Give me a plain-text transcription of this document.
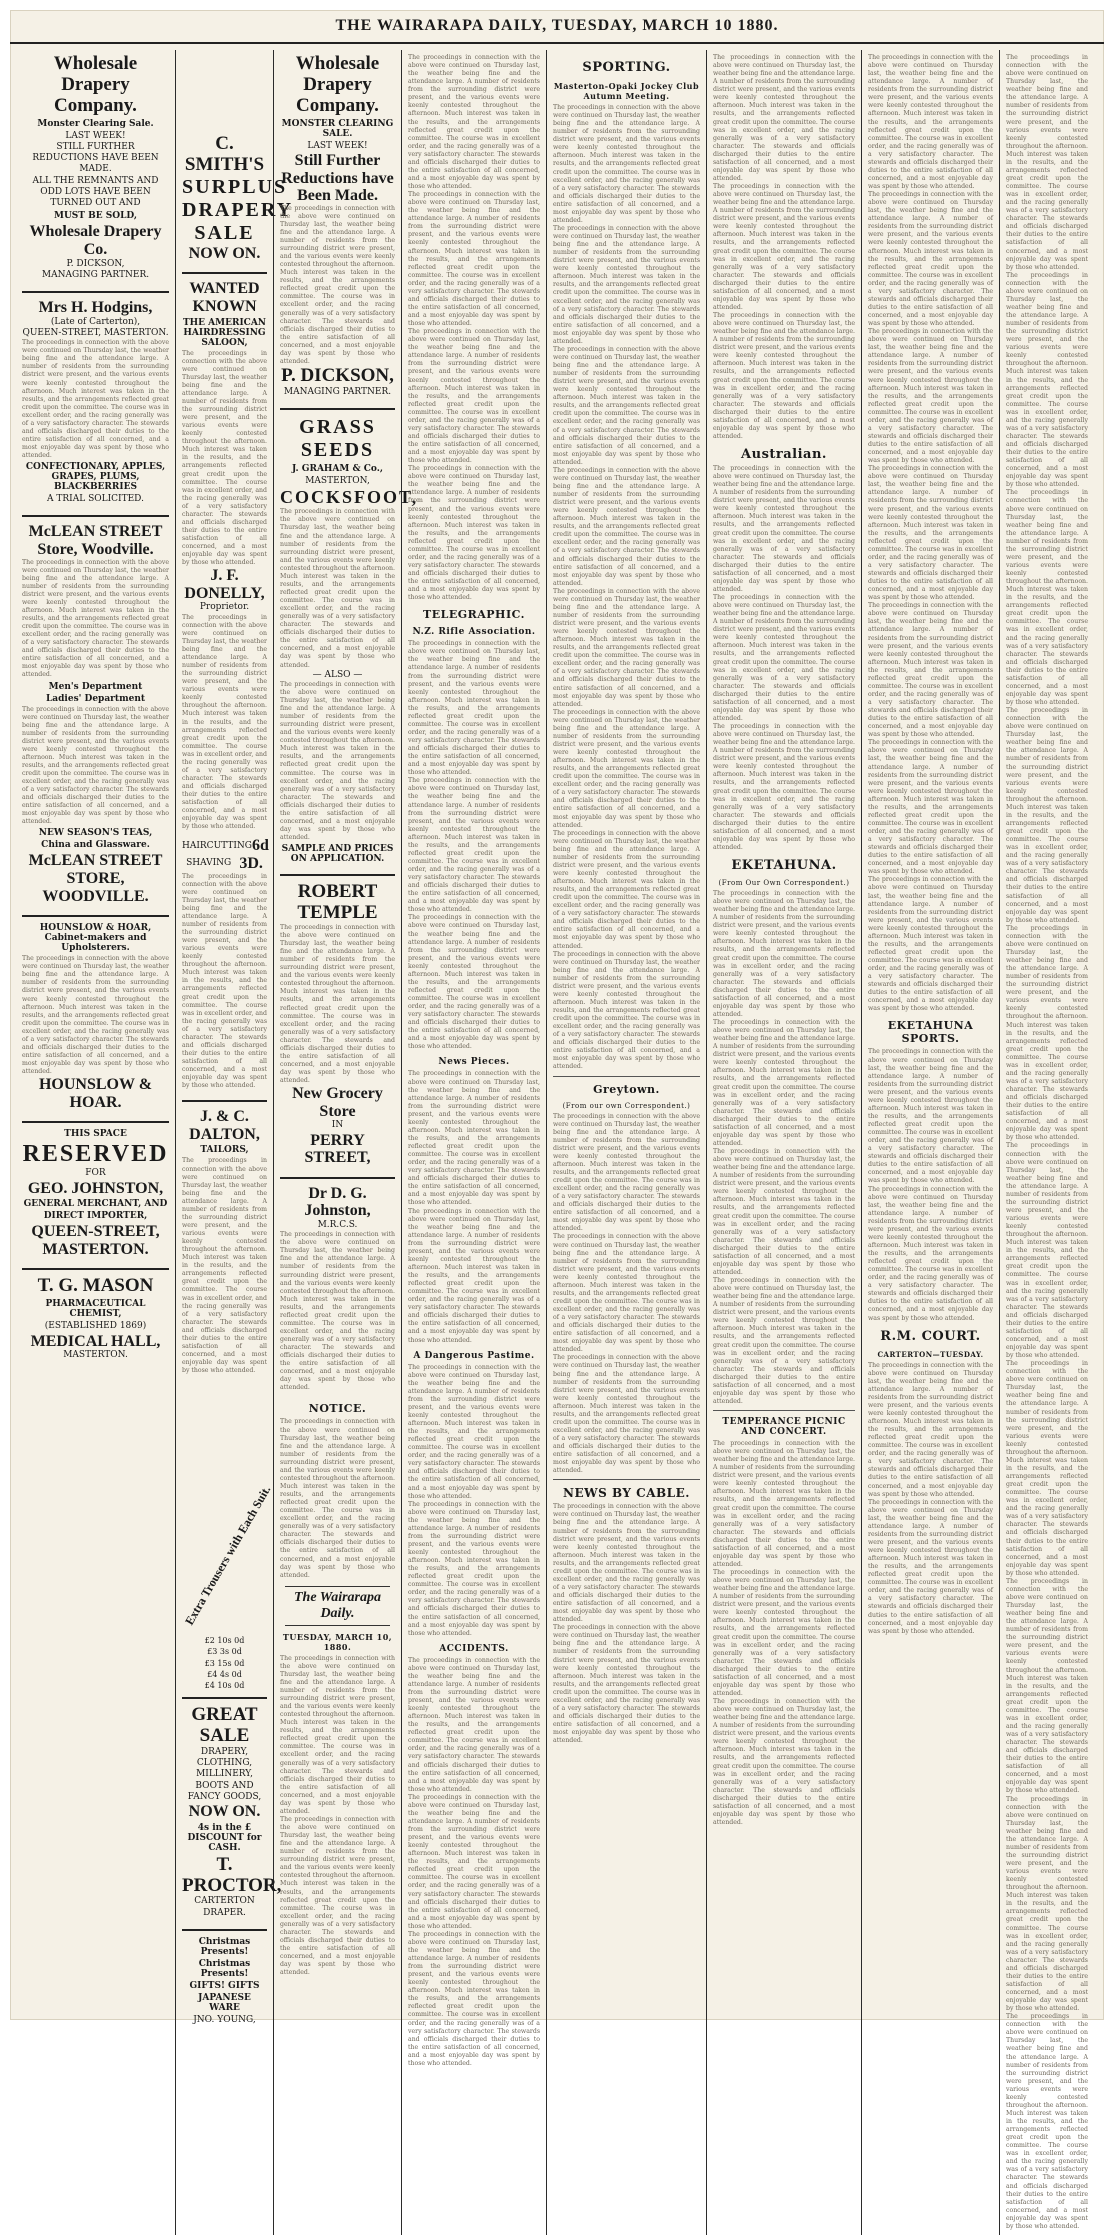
THE WAIRARAPA DAILY, TUESDAY, MARCH 10 1880.
Wholesale Drapery Company.
Monster Clearing Sale.
LAST WEEK!
STILL FURTHER REDUCTIONS HAVE BEEN MADE.
ALL THE REMNANTS AND ODD LOTS HAVE BEEN TURNED OUT AND
MUST BE SOLD,
Wholesale Drapery Co.
P. DICKSON,
MANAGING PARTNER.
Mrs H. Hodgins,
(Late of Carterton),
QUEEN-STREET, MASTERTON.
The proceedings in connection with the above were continued on Thursday last, the weather being fine and the attendance large. A number of residents from the surrounding district were present, and the various events were keenly contested throughout the afternoon. Much interest was taken in the results, and the arrangements reflected great credit upon the committee. The course was in excellent order, and the racing generally was of a very satisfactory character. The stewards and officials discharged their duties to the entire satisfaction of all concerned, and a most enjoyable day was spent by those who attended.
CONFECTIONARY, APPLES, GRAPES, PLUMS, BLACKBERRIES
A TRIAL SOLICITED.
McLEAN STREET Store, Woodville.
The proceedings in connection with the above were continued on Thursday last, the weather being fine and the attendance large. A number of residents from the surrounding district were present, and the various events were keenly contested throughout the afternoon. Much interest was taken in the results, and the arrangements reflected great credit upon the committee. The course was in excellent order, and the racing generally was of a very satisfactory character. The stewards and officials discharged their duties to the entire satisfaction of all concerned, and a most enjoyable day was spent by those who attended.
Men's Department
Ladies' Department
The proceedings in connection with the above were continued on Thursday last, the weather being fine and the attendance large. A number of residents from the surrounding district were present, and the various events were keenly contested throughout the afternoon. Much interest was taken in the results, and the arrangements reflected great credit upon the committee. The course was in excellent order, and the racing generally was of a very satisfactory character. The stewards and officials discharged their duties to the entire satisfaction of all concerned, and a most enjoyable day was spent by those who attended.
NEW SEASON'S TEAS,
China and Glassware.
McLEAN STREET STORE,
WOODVILLE.
HOUNSLOW & HOAR, Cabinet-makers and Upholsterers.
The proceedings in connection with the above were continued on Thursday last, the weather being fine and the attendance large. A number of residents from the surrounding district were present, and the various events were keenly contested throughout the afternoon. Much interest was taken in the results, and the arrangements reflected great credit upon the committee. The course was in excellent order, and the racing generally was of a very satisfactory character. The stewards and officials discharged their duties to the entire satisfaction of all concerned, and a most enjoyable day was spent by those who attended.
HOUNSLOW & HOAR.
THIS SPACE
RESERVED
FOR
GEO. JOHNSTON,
GENERAL MERCHANT, AND
DIRECT IMPORTER,
QUEEN-STREET,
MASTERTON.
T. G. MASON
PHARMACEUTICAL CHEMIST,
(ESTABLISHED 1869)
MEDICAL HALL,
MASTERTON.
C. SMITH'S
SURPLUS
DRAPERY
SALE
NOW ON.
WANTED KNOWN
THE AMERICAN HAIRDRESSING SALOON,
The proceedings in connection with the above were continued on Thursday last, the weather being fine and the attendance large. A number of residents from the surrounding district were present, and the various events were keenly contested throughout the afternoon. Much interest was taken in the results, and the arrangements reflected great credit upon the committee. The course was in excellent order, and the racing generally was of a very satisfactory character. The stewards and officials discharged their duties to the entire satisfaction of all concerned, and a most enjoyable day was spent by those who attended.
J. F. DONELLY,
Proprietor.
The proceedings in connection with the above were continued on Thursday last, the weather being fine and the attendance large. A number of residents from the surrounding district were present, and the various events were keenly contested throughout the afternoon. Much interest was taken in the results, and the arrangements reflected great credit upon the committee. The course was in excellent order, and the racing generally was of a very satisfactory character. The stewards and officials discharged their duties to the entire satisfaction of all concerned, and a most enjoyable day was spent by those who attended.
HAIRCUTTING 6d
SHAVING 3D.
The proceedings in connection with the above were continued on Thursday last, the weather being fine and the attendance large. A number of residents from the surrounding district were present, and the various events were keenly contested throughout the afternoon. Much interest was taken in the results, and the arrangements reflected great credit upon the committee. The course was in excellent order, and the racing generally was of a very satisfactory character. The stewards and officials discharged their duties to the entire satisfaction of all concerned, and a most enjoyable day was spent by those who attended.
J. & C. DALTON,
TAILORS,
The proceedings in connection with the above were continued on Thursday last, the weather being fine and the attendance large. A number of residents from the surrounding district were present, and the various events were keenly contested throughout the afternoon. Much interest was taken in the results, and the arrangements reflected great credit upon the committee. The course was in excellent order, and the racing generally was of a very satisfactory character. The stewards and officials discharged their duties to the entire satisfaction of all concerned, and a most enjoyable day was spent by those who attended.
Extra Trousers with Each Suit.
£2 10s 0d
£3 3s 0d
£3 15s 0d
£4 4s 0d
£4 10s 0d
GREAT SALE
DRAPERY, CLOTHING,
MILLINERY,
BOOTS AND FANCY GOODS,
NOW ON.
4s in the £ DISCOUNT for CASH.
T. PROCTOR,
CARTERTON
DRAPER.
Christmas Presents!
Christmas Presents!
GIFTS! GIFTS
JAPANESE WARE
JNO. YOUNG,
Wholesale Drapery Company.
MONSTER CLEARING SALE.
LAST WEEK!
Still Further Reductions have Been Made.
The proceedings in connection with the above were continued on Thursday last, the weather being fine and the attendance large. A number of residents from the surrounding district were present, and the various events were keenly contested throughout the afternoon. Much interest was taken in the results, and the arrangements reflected great credit upon the committee. The course was in excellent order, and the racing generally was of a very satisfactory character. The stewards and officials discharged their duties to the entire satisfaction of all concerned, and a most enjoyable day was spent by those who attended.
P. DICKSON,
MANAGING PARTNER.
GRASS SEEDS
J. GRAHAM & Co.,
MASTERTON,
COCKSFOOT,
The proceedings in connection with the above were continued on Thursday last, the weather being fine and the attendance large. A number of residents from the surrounding district were present, and the various events were keenly contested throughout the afternoon. Much interest was taken in the results, and the arrangements reflected great credit upon the committee. The course was in excellent order, and the racing generally was of a very satisfactory character. The stewards and officials discharged their duties to the entire satisfaction of all concerned, and a most enjoyable day was spent by those who attended.
— ALSO —
The proceedings in connection with the above were continued on Thursday last, the weather being fine and the attendance large. A number of residents from the surrounding district were present, and the various events were keenly contested throughout the afternoon. Much interest was taken in the results, and the arrangements reflected great credit upon the committee. The course was in excellent order, and the racing generally was of a very satisfactory character. The stewards and officials discharged their duties to the entire satisfaction of all concerned, and a most enjoyable day was spent by those who attended.
SAMPLE AND PRICES ON APPLICATION.
ROBERT TEMPLE
The proceedings in connection with the above were continued on Thursday last, the weather being fine and the attendance large. A number of residents from the surrounding district were present, and the various events were keenly contested throughout the afternoon. Much interest was taken in the results, and the arrangements reflected great credit upon the committee. The course was in excellent order, and the racing generally was of a very satisfactory character. The stewards and officials discharged their duties to the entire satisfaction of all concerned, and a most enjoyable day was spent by those who attended.
New Grocery Store
IN
PERRY STREET,
Dr D. G. Johnston,
M.R.C.S.
The proceedings in connection with the above were continued on Thursday last, the weather being fine and the attendance large. A number of residents from the surrounding district were present, and the various events were keenly contested throughout the afternoon. Much interest was taken in the results, and the arrangements reflected great credit upon the committee. The course was in excellent order, and the racing generally was of a very satisfactory character. The stewards and officials discharged their duties to the entire satisfaction of all concerned, and a most enjoyable day was spent by those who attended.
NOTICE.
The proceedings in connection with the above were continued on Thursday last, the weather being fine and the attendance large. A number of residents from the surrounding district were present, and the various events were keenly contested throughout the afternoon. Much interest was taken in the results, and the arrangements reflected great credit upon the committee. The course was in excellent order, and the racing generally was of a very satisfactory character. The stewards and officials discharged their duties to the entire satisfaction of all concerned, and a most enjoyable day was spent by those who attended.
The Wairarapa Daily.
TUESDAY, MARCH 10, 1880.
The proceedings in connection with the above were continued on Thursday last, the weather being fine and the attendance large. A number of residents from the surrounding district were present, and the various events were keenly contested throughout the afternoon. Much interest was taken in the results, and the arrangements reflected great credit upon the committee. The course was in excellent order, and the racing generally was of a very satisfactory character. The stewards and officials discharged their duties to the entire satisfaction of all concerned, and a most enjoyable day was spent by those who attended.
The proceedings in connection with the above were continued on Thursday last, the weather being fine and the attendance large. A number of residents from the surrounding district were present, and the various events were keenly contested throughout the afternoon. Much interest was taken in the results, and the arrangements reflected great credit upon the committee. The course was in excellent order, and the racing generally was of a very satisfactory character. The stewards and officials discharged their duties to the entire satisfaction of all concerned, and a most enjoyable day was spent by those who attended.
The proceedings in connection with the above were continued on Thursday last, the weather being fine and the attendance large. A number of residents from the surrounding district were present, and the various events were keenly contested throughout the afternoon. Much interest was taken in the results, and the arrangements reflected great credit upon the committee. The course was in excellent order, and the racing generally was of a very satisfactory character. The stewards and officials discharged their duties to the entire satisfaction of all concerned, and a most enjoyable day was spent by those who attended.
The proceedings in connection with the above were continued on Thursday last, the weather being fine and the attendance large. A number of residents from the surrounding district were present, and the various events were keenly contested throughout the afternoon. Much interest was taken in the results, and the arrangements reflected great credit upon the committee. The course was in excellent order, and the racing generally was of a very satisfactory character. The stewards and officials discharged their duties to the entire satisfaction of all concerned, and a most enjoyable day was spent by those who attended.
The proceedings in connection with the above were continued on Thursday last, the weather being fine and the attendance large. A number of residents from the surrounding district were present, and the various events were keenly contested throughout the afternoon. Much interest was taken in the results, and the arrangements reflected great credit upon the committee. The course was in excellent order, and the racing generally was of a very satisfactory character. The stewards and officials discharged their duties to the entire satisfaction of all concerned, and a most enjoyable day was spent by those who attended.
The proceedings in connection with the above were continued on Thursday last, the weather being fine and the attendance large. A number of residents from the surrounding district were present, and the various events were keenly contested throughout the afternoon. Much interest was taken in the results, and the arrangements reflected great credit upon the committee. The course was in excellent order, and the racing generally was of a very satisfactory character. The stewards and officials discharged their duties to the entire satisfaction of all concerned, and a most enjoyable day was spent by those who attended.
TELEGRAPHIC.
N.Z. Rifle Association.
The proceedings in connection with the above were continued on Thursday last, the weather being fine and the attendance large. A number of residents from the surrounding district were present, and the various events were keenly contested throughout the afternoon. Much interest was taken in the results, and the arrangements reflected great credit upon the committee. The course was in excellent order, and the racing generally was of a very satisfactory character. The stewards and officials discharged their duties to the entire satisfaction of all concerned, and a most enjoyable day was spent by those who attended.
The proceedings in connection with the above were continued on Thursday last, the weather being fine and the attendance large. A number of residents from the surrounding district were present, and the various events were keenly contested throughout the afternoon. Much interest was taken in the results, and the arrangements reflected great credit upon the committee. The course was in excellent order, and the racing generally was of a very satisfactory character. The stewards and officials discharged their duties to the entire satisfaction of all concerned, and a most enjoyable day was spent by those who attended.
The proceedings in connection with the above were continued on Thursday last, the weather being fine and the attendance large. A number of residents from the surrounding district were present, and the various events were keenly contested throughout the afternoon. Much interest was taken in the results, and the arrangements reflected great credit upon the committee. The course was in excellent order, and the racing generally was of a very satisfactory character. The stewards and officials discharged their duties to the entire satisfaction of all concerned, and a most enjoyable day was spent by those who attended.
News Pieces.
The proceedings in connection with the above were continued on Thursday last, the weather being fine and the attendance large. A number of residents from the surrounding district were present, and the various events were keenly contested throughout the afternoon. Much interest was taken in the results, and the arrangements reflected great credit upon the committee. The course was in excellent order, and the racing generally was of a very satisfactory character. The stewards and officials discharged their duties to the entire satisfaction of all concerned, and a most enjoyable day was spent by those who attended.
The proceedings in connection with the above were continued on Thursday last, the weather being fine and the attendance large. A number of residents from the surrounding district were present, and the various events were keenly contested throughout the afternoon. Much interest was taken in the results, and the arrangements reflected great credit upon the committee. The course was in excellent order, and the racing generally was of a very satisfactory character. The stewards and officials discharged their duties to the entire satisfaction of all concerned, and a most enjoyable day was spent by those who attended.
A Dangerous Pastime.
The proceedings in connection with the above were continued on Thursday last, the weather being fine and the attendance large. A number of residents from the surrounding district were present, and the various events were keenly contested throughout the afternoon. Much interest was taken in the results, and the arrangements reflected great credit upon the committee. The course was in excellent order, and the racing generally was of a very satisfactory character. The stewards and officials discharged their duties to the entire satisfaction of all concerned, and a most enjoyable day was spent by those who attended.
The proceedings in connection with the above were continued on Thursday last, the weather being fine and the attendance large. A number of residents from the surrounding district were present, and the various events were keenly contested throughout the afternoon. Much interest was taken in the results, and the arrangements reflected great credit upon the committee. The course was in excellent order, and the racing generally was of a very satisfactory character. The stewards and officials discharged their duties to the entire satisfaction of all concerned, and a most enjoyable day was spent by those who attended.
ACCIDENTS.
The proceedings in connection with the above were continued on Thursday last, the weather being fine and the attendance large. A number of residents from the surrounding district were present, and the various events were keenly contested throughout the afternoon. Much interest was taken in the results, and the arrangements reflected great credit upon the committee. The course was in excellent order, and the racing generally was of a very satisfactory character. The stewards and officials discharged their duties to the entire satisfaction of all concerned, and a most enjoyable day was spent by those who attended.
The proceedings in connection with the above were continued on Thursday last, the weather being fine and the attendance large. A number of residents from the surrounding district were present, and the various events were keenly contested throughout the afternoon. Much interest was taken in the results, and the arrangements reflected great credit upon the committee. The course was in excellent order, and the racing generally was of a very satisfactory character. The stewards and officials discharged their duties to the entire satisfaction of all concerned, and a most enjoyable day was spent by those who attended.
The proceedings in connection with the above were continued on Thursday last, the weather being fine and the attendance large. A number of residents from the surrounding district were present, and the various events were keenly contested throughout the afternoon. Much interest was taken in the results, and the arrangements reflected great credit upon the committee. The course was in excellent order, and the racing generally was of a very satisfactory character. The stewards and officials discharged their duties to the entire satisfaction of all concerned, and a most enjoyable day was spent by those who attended.
SPORTING.
Masterton-Opaki Jockey Club Autumn Meeting.
The proceedings in connection with the above were continued on Thursday last, the weather being fine and the attendance large. A number of residents from the surrounding district were present, and the various events were keenly contested throughout the afternoon. Much interest was taken in the results, and the arrangements reflected great credit upon the committee. The course was in excellent order, and the racing generally was of a very satisfactory character. The stewards and officials discharged their duties to the entire satisfaction of all concerned, and a most enjoyable day was spent by those who attended.
The proceedings in connection with the above were continued on Thursday last, the weather being fine and the attendance large. A number of residents from the surrounding district were present, and the various events were keenly contested throughout the afternoon. Much interest was taken in the results, and the arrangements reflected great credit upon the committee. The course was in excellent order, and the racing generally was of a very satisfactory character. The stewards and officials discharged their duties to the entire satisfaction of all concerned, and a most enjoyable day was spent by those who attended.
The proceedings in connection with the above were continued on Thursday last, the weather being fine and the attendance large. A number of residents from the surrounding district were present, and the various events were keenly contested throughout the afternoon. Much interest was taken in the results, and the arrangements reflected great credit upon the committee. The course was in excellent order, and the racing generally was of a very satisfactory character. The stewards and officials discharged their duties to the entire satisfaction of all concerned, and a most enjoyable day was spent by those who attended.
The proceedings in connection with the above were continued on Thursday last, the weather being fine and the attendance large. A number of residents from the surrounding district were present, and the various events were keenly contested throughout the afternoon. Much interest was taken in the results, and the arrangements reflected great credit upon the committee. The course was in excellent order, and the racing generally was of a very satisfactory character. The stewards and officials discharged their duties to the entire satisfaction of all concerned, and a most enjoyable day was spent by those who attended.
The proceedings in connection with the above were continued on Thursday last, the weather being fine and the attendance large. A number of residents from the surrounding district were present, and the various events were keenly contested throughout the afternoon. Much interest was taken in the results, and the arrangements reflected great credit upon the committee. The course was in excellent order, and the racing generally was of a very satisfactory character. The stewards and officials discharged their duties to the entire satisfaction of all concerned, and a most enjoyable day was spent by those who attended.
The proceedings in connection with the above were continued on Thursday last, the weather being fine and the attendance large. A number of residents from the surrounding district were present, and the various events were keenly contested throughout the afternoon. Much interest was taken in the results, and the arrangements reflected great credit upon the committee. The course was in excellent order, and the racing generally was of a very satisfactory character. The stewards and officials discharged their duties to the entire satisfaction of all concerned, and a most enjoyable day was spent by those who attended.
The proceedings in connection with the above were continued on Thursday last, the weather being fine and the attendance large. A number of residents from the surrounding district were present, and the various events were keenly contested throughout the afternoon. Much interest was taken in the results, and the arrangements reflected great credit upon the committee. The course was in excellent order, and the racing generally was of a very satisfactory character. The stewards and officials discharged their duties to the entire satisfaction of all concerned, and a most enjoyable day was spent by those who attended.
The proceedings in connection with the above were continued on Thursday last, the weather being fine and the attendance large. A number of residents from the surrounding district were present, and the various events were keenly contested throughout the afternoon. Much interest was taken in the results, and the arrangements reflected great credit upon the committee. The course was in excellent order, and the racing generally was of a very satisfactory character. The stewards and officials discharged their duties to the entire satisfaction of all concerned, and a most enjoyable day was spent by those who attended.
Greytown.
(From our own Correspondent.)
The proceedings in connection with the above were continued on Thursday last, the weather being fine and the attendance large. A number of residents from the surrounding district were present, and the various events were keenly contested throughout the afternoon. Much interest was taken in the results, and the arrangements reflected great credit upon the committee. The course was in excellent order, and the racing generally was of a very satisfactory character. The stewards and officials discharged their duties to the entire satisfaction of all concerned, and a most enjoyable day was spent by those who attended.
The proceedings in connection with the above were continued on Thursday last, the weather being fine and the attendance large. A number of residents from the surrounding district were present, and the various events were keenly contested throughout the afternoon. Much interest was taken in the results, and the arrangements reflected great credit upon the committee. The course was in excellent order, and the racing generally was of a very satisfactory character. The stewards and officials discharged their duties to the entire satisfaction of all concerned, and a most enjoyable day was spent by those who attended.
The proceedings in connection with the above were continued on Thursday last, the weather being fine and the attendance large. A number of residents from the surrounding district were present, and the various events were keenly contested throughout the afternoon. Much interest was taken in the results, and the arrangements reflected great credit upon the committee. The course was in excellent order, and the racing generally was of a very satisfactory character. The stewards and officials discharged their duties to the entire satisfaction of all concerned, and a most enjoyable day was spent by those who attended.
NEWS BY CABLE.
The proceedings in connection with the above were continued on Thursday last, the weather being fine and the attendance large. A number of residents from the surrounding district were present, and the various events were keenly contested throughout the afternoon. Much interest was taken in the results, and the arrangements reflected great credit upon the committee. The course was in excellent order, and the racing generally was of a very satisfactory character. The stewards and officials discharged their duties to the entire satisfaction of all concerned, and a most enjoyable day was spent by those who attended.
The proceedings in connection with the above were continued on Thursday last, the weather being fine and the attendance large. A number of residents from the surrounding district were present, and the various events were keenly contested throughout the afternoon. Much interest was taken in the results, and the arrangements reflected great credit upon the committee. The course was in excellent order, and the racing generally was of a very satisfactory character. The stewards and officials discharged their duties to the entire satisfaction of all concerned, and a most enjoyable day was spent by those who attended.
The proceedings in connection with the above were continued on Thursday last, the weather being fine and the attendance large. A number of residents from the surrounding district were present, and the various events were keenly contested throughout the afternoon. Much interest was taken in the results, and the arrangements reflected great credit upon the committee. The course was in excellent order, and the racing generally was of a very satisfactory character. The stewards and officials discharged their duties to the entire satisfaction of all concerned, and a most enjoyable day was spent by those who attended.
The proceedings in connection with the above were continued on Thursday last, the weather being fine and the attendance large. A number of residents from the surrounding district were present, and the various events were keenly contested throughout the afternoon. Much interest was taken in the results, and the arrangements reflected great credit upon the committee. The course was in excellent order, and the racing generally was of a very satisfactory character. The stewards and officials discharged their duties to the entire satisfaction of all concerned, and a most enjoyable day was spent by those who attended.
The proceedings in connection with the above were continued on Thursday last, the weather being fine and the attendance large. A number of residents from the surrounding district were present, and the various events were keenly contested throughout the afternoon. Much interest was taken in the results, and the arrangements reflected great credit upon the committee. The course was in excellent order, and the racing generally was of a very satisfactory character. The stewards and officials discharged their duties to the entire satisfaction of all concerned, and a most enjoyable day was spent by those who attended.
Australian.
The proceedings in connection with the above were continued on Thursday last, the weather being fine and the attendance large. A number of residents from the surrounding district were present, and the various events were keenly contested throughout the afternoon. Much interest was taken in the results, and the arrangements reflected great credit upon the committee. The course was in excellent order, and the racing generally was of a very satisfactory character. The stewards and officials discharged their duties to the entire satisfaction of all concerned, and a most enjoyable day was spent by those who attended.
The proceedings in connection with the above were continued on Thursday last, the weather being fine and the attendance large. A number of residents from the surrounding district were present, and the various events were keenly contested throughout the afternoon. Much interest was taken in the results, and the arrangements reflected great credit upon the committee. The course was in excellent order, and the racing generally was of a very satisfactory character. The stewards and officials discharged their duties to the entire satisfaction of all concerned, and a most enjoyable day was spent by those who attended.
The proceedings in connection with the above were continued on Thursday last, the weather being fine and the attendance large. A number of residents from the surrounding district were present, and the various events were keenly contested throughout the afternoon. Much interest was taken in the results, and the arrangements reflected great credit upon the committee. The course was in excellent order, and the racing generally was of a very satisfactory character. The stewards and officials discharged their duties to the entire satisfaction of all concerned, and a most enjoyable day was spent by those who attended.
EKETAHUNA.
(From Our Own Correspondent.)
The proceedings in connection with the above were continued on Thursday last, the weather being fine and the attendance large. A number of residents from the surrounding district were present, and the various events were keenly contested throughout the afternoon. Much interest was taken in the results, and the arrangements reflected great credit upon the committee. The course was in excellent order, and the racing generally was of a very satisfactory character. The stewards and officials discharged their duties to the entire satisfaction of all concerned, and a most enjoyable day was spent by those who attended.
The proceedings in connection with the above were continued on Thursday last, the weather being fine and the attendance large. A number of residents from the surrounding district were present, and the various events were keenly contested throughout the afternoon. Much interest was taken in the results, and the arrangements reflected great credit upon the committee. The course was in excellent order, and the racing generally was of a very satisfactory character. The stewards and officials discharged their duties to the entire satisfaction of all concerned, and a most enjoyable day was spent by those who attended.
The proceedings in connection with the above were continued on Thursday last, the weather being fine and the attendance large. A number of residents from the surrounding district were present, and the various events were keenly contested throughout the afternoon. Much interest was taken in the results, and the arrangements reflected great credit upon the committee. The course was in excellent order, and the racing generally was of a very satisfactory character. The stewards and officials discharged their duties to the entire satisfaction of all concerned, and a most enjoyable day was spent by those who attended.
The proceedings in connection with the above were continued on Thursday last, the weather being fine and the attendance large. A number of residents from the surrounding district were present, and the various events were keenly contested throughout the afternoon. Much interest was taken in the results, and the arrangements reflected great credit upon the committee. The course was in excellent order, and the racing generally was of a very satisfactory character. The stewards and officials discharged their duties to the entire satisfaction of all concerned, and a most enjoyable day was spent by those who attended.
TEMPERANCE PICNIC AND CONCERT.
The proceedings in connection with the above were continued on Thursday last, the weather being fine and the attendance large. A number of residents from the surrounding district were present, and the various events were keenly contested throughout the afternoon. Much interest was taken in the results, and the arrangements reflected great credit upon the committee. The course was in excellent order, and the racing generally was of a very satisfactory character. The stewards and officials discharged their duties to the entire satisfaction of all concerned, and a most enjoyable day was spent by those who attended.
The proceedings in connection with the above were continued on Thursday last, the weather being fine and the attendance large. A number of residents from the surrounding district were present, and the various events were keenly contested throughout the afternoon. Much interest was taken in the results, and the arrangements reflected great credit upon the committee. The course was in excellent order, and the racing generally was of a very satisfactory character. The stewards and officials discharged their duties to the entire satisfaction of all concerned, and a most enjoyable day was spent by those who attended.
The proceedings in connection with the above were continued on Thursday last, the weather being fine and the attendance large. A number of residents from the surrounding district were present, and the various events were keenly contested throughout the afternoon. Much interest was taken in the results, and the arrangements reflected great credit upon the committee. The course was in excellent order, and the racing generally was of a very satisfactory character. The stewards and officials discharged their duties to the entire satisfaction of all concerned, and a most enjoyable day was spent by those who attended.
The proceedings in connection with the above were continued on Thursday last, the weather being fine and the attendance large. A number of residents from the surrounding district were present, and the various events were keenly contested throughout the afternoon. Much interest was taken in the results, and the arrangements reflected great credit upon the committee. The course was in excellent order, and the racing generally was of a very satisfactory character. The stewards and officials discharged their duties to the entire satisfaction of all concerned, and a most enjoyable day was spent by those who attended.
The proceedings in connection with the above were continued on Thursday last, the weather being fine and the attendance large. A number of residents from the surrounding district were present, and the various events were keenly contested throughout the afternoon. Much interest was taken in the results, and the arrangements reflected great credit upon the committee. The course was in excellent order, and the racing generally was of a very satisfactory character. The stewards and officials discharged their duties to the entire satisfaction of all concerned, and a most enjoyable day was spent by those who attended.
The proceedings in connection with the above were continued on Thursday last, the weather being fine and the attendance large. A number of residents from the surrounding district were present, and the various events were keenly contested throughout the afternoon. Much interest was taken in the results, and the arrangements reflected great credit upon the committee. The course was in excellent order, and the racing generally was of a very satisfactory character. The stewards and officials discharged their duties to the entire satisfaction of all concerned, and a most enjoyable day was spent by those who attended.
The proceedings in connection with the above were continued on Thursday last, the weather being fine and the attendance large. A number of residents from the surrounding district were present, and the various events were keenly contested throughout the afternoon. Much interest was taken in the results, and the arrangements reflected great credit upon the committee. The course was in excellent order, and the racing generally was of a very satisfactory character. The stewards and officials discharged their duties to the entire satisfaction of all concerned, and a most enjoyable day was spent by those who attended.
The proceedings in connection with the above were continued on Thursday last, the weather being fine and the attendance large. A number of residents from the surrounding district were present, and the various events were keenly contested throughout the afternoon. Much interest was taken in the results, and the arrangements reflected great credit upon the committee. The course was in excellent order, and the racing generally was of a very satisfactory character. The stewards and officials discharged their duties to the entire satisfaction of all concerned, and a most enjoyable day was spent by those who attended.
The proceedings in connection with the above were continued on Thursday last, the weather being fine and the attendance large. A number of residents from the surrounding district were present, and the various events were keenly contested throughout the afternoon. Much interest was taken in the results, and the arrangements reflected great credit upon the committee. The course was in excellent order, and the racing generally was of a very satisfactory character. The stewards and officials discharged their duties to the entire satisfaction of all concerned, and a most enjoyable day was spent by those who attended.
The proceedings in connection with the above were continued on Thursday last, the weather being fine and the attendance large. A number of residents from the surrounding district were present, and the various events were keenly contested throughout the afternoon. Much interest was taken in the results, and the arrangements reflected great credit upon the committee. The course was in excellent order, and the racing generally was of a very satisfactory character. The stewards and officials discharged their duties to the entire satisfaction of all concerned, and a most enjoyable day was spent by those who attended.
EKETAHUNA SPORTS.
The proceedings in connection with the above were continued on Thursday last, the weather being fine and the attendance large. A number of residents from the surrounding district were present, and the various events were keenly contested throughout the afternoon. Much interest was taken in the results, and the arrangements reflected great credit upon the committee. The course was in excellent order, and the racing generally was of a very satisfactory character. The stewards and officials discharged their duties to the entire satisfaction of all concerned, and a most enjoyable day was spent by those who attended.
The proceedings in connection with the above were continued on Thursday last, the weather being fine and the attendance large. A number of residents from the surrounding district were present, and the various events were keenly contested throughout the afternoon. Much interest was taken in the results, and the arrangements reflected great credit upon the committee. The course was in excellent order, and the racing generally was of a very satisfactory character. The stewards and officials discharged their duties to the entire satisfaction of all concerned, and a most enjoyable day was spent by those who attended.
R.M. COURT.
CARTERTON—TUESDAY.
The proceedings in connection with the above were continued on Thursday last, the weather being fine and the attendance large. A number of residents from the surrounding district were present, and the various events were keenly contested throughout the afternoon. Much interest was taken in the results, and the arrangements reflected great credit upon the committee. The course was in excellent order, and the racing generally was of a very satisfactory character. The stewards and officials discharged their duties to the entire satisfaction of all concerned, and a most enjoyable day was spent by those who attended.
The proceedings in connection with the above were continued on Thursday last, the weather being fine and the attendance large. A number of residents from the surrounding district were present, and the various events were keenly contested throughout the afternoon. Much interest was taken in the results, and the arrangements reflected great credit upon the committee. The course was in excellent order, and the racing generally was of a very satisfactory character. The stewards and officials discharged their duties to the entire satisfaction of all concerned, and a most enjoyable day was spent by those who attended.
The proceedings in connection with the above were continued on Thursday last, the weather being fine and the attendance large. A number of residents from the surrounding district were present, and the various events were keenly contested throughout the afternoon. Much interest was taken in the results, and the arrangements reflected great credit upon the committee. The course was in excellent order, and the racing generally was of a very satisfactory character. The stewards and officials discharged their duties to the entire satisfaction of all concerned, and a most enjoyable day was spent by those who attended.
The proceedings in connection with the above were continued on Thursday last, the weather being fine and the attendance large. A number of residents from the surrounding district were present, and the various events were keenly contested throughout the afternoon. Much interest was taken in the results, and the arrangements reflected great credit upon the committee. The course was in excellent order, and the racing generally was of a very satisfactory character. The stewards and officials discharged their duties to the entire satisfaction of all concerned, and a most enjoyable day was spent by those who attended.
The proceedings in connection with the above were continued on Thursday last, the weather being fine and the attendance large. A number of residents from the surrounding district were present, and the various events were keenly contested throughout the afternoon. Much interest was taken in the results, and the arrangements reflected great credit upon the committee. The course was in excellent order, and the racing generally was of a very satisfactory character. The stewards and officials discharged their duties to the entire satisfaction of all concerned, and a most enjoyable day was spent by those who attended.
The proceedings in connection with the above were continued on Thursday last, the weather being fine and the attendance large. A number of residents from the surrounding district were present, and the various events were keenly contested throughout the afternoon. Much interest was taken in the results, and the arrangements reflected great credit upon the committee. The course was in excellent order, and the racing generally was of a very satisfactory character. The stewards and officials discharged their duties to the entire satisfaction of all concerned, and a most enjoyable day was spent by those who attended.
The proceedings in connection with the above were continued on Thursday last, the weather being fine and the attendance large. A number of residents from the surrounding district were present, and the various events were keenly contested throughout the afternoon. Much interest was taken in the results, and the arrangements reflected great credit upon the committee. The course was in excellent order, and the racing generally was of a very satisfactory character. The stewards and officials discharged their duties to the entire satisfaction of all concerned, and a most enjoyable day was spent by those who attended.
The proceedings in connection with the above were continued on Thursday last, the weather being fine and the attendance large. A number of residents from the surrounding district were present, and the various events were keenly contested throughout the afternoon. Much interest was taken in the results, and the arrangements reflected great credit upon the committee. The course was in excellent order, and the racing generally was of a very satisfactory character. The stewards and officials discharged their duties to the entire satisfaction of all concerned, and a most enjoyable day was spent by those who attended.
The proceedings in connection with the above were continued on Thursday last, the weather being fine and the attendance large. A number of residents from the surrounding district were present, and the various events were keenly contested throughout the afternoon. Much interest was taken in the results, and the arrangements reflected great credit upon the committee. The course was in excellent order, and the racing generally was of a very satisfactory character. The stewards and officials discharged their duties to the entire satisfaction of all concerned, and a most enjoyable day was spent by those who attended.
The proceedings in connection with the above were continued on Thursday last, the weather being fine and the attendance large. A number of residents from the surrounding district were present, and the various events were keenly contested throughout the afternoon. Much interest was taken in the results, and the arrangements reflected great credit upon the committee. The course was in excellent order, and the racing generally was of a very satisfactory character. The stewards and officials discharged their duties to the entire satisfaction of all concerned, and a most enjoyable day was spent by those who attended.
The proceedings in connection with the above were continued on Thursday last, the weather being fine and the attendance large. A number of residents from the surrounding district were present, and the various events were keenly contested throughout the afternoon. Much interest was taken in the results, and the arrangements reflected great credit upon the committee. The course was in excellent order, and the racing generally was of a very satisfactory character. The stewards and officials discharged their duties to the entire satisfaction of all concerned, and a most enjoyable day was spent by those who attended.
The proceedings in connection with the above were continued on Thursday last, the weather being fine and the attendance large. A number of residents from the surrounding district were present, and the various events were keenly contested throughout the afternoon. Much interest was taken in the results, and the arrangements reflected great credit upon the committee. The course was in excellent order, and the racing generally was of a very satisfactory character. The stewards and officials discharged their duties to the entire satisfaction of all concerned, and a most enjoyable day was spent by those who attended.
